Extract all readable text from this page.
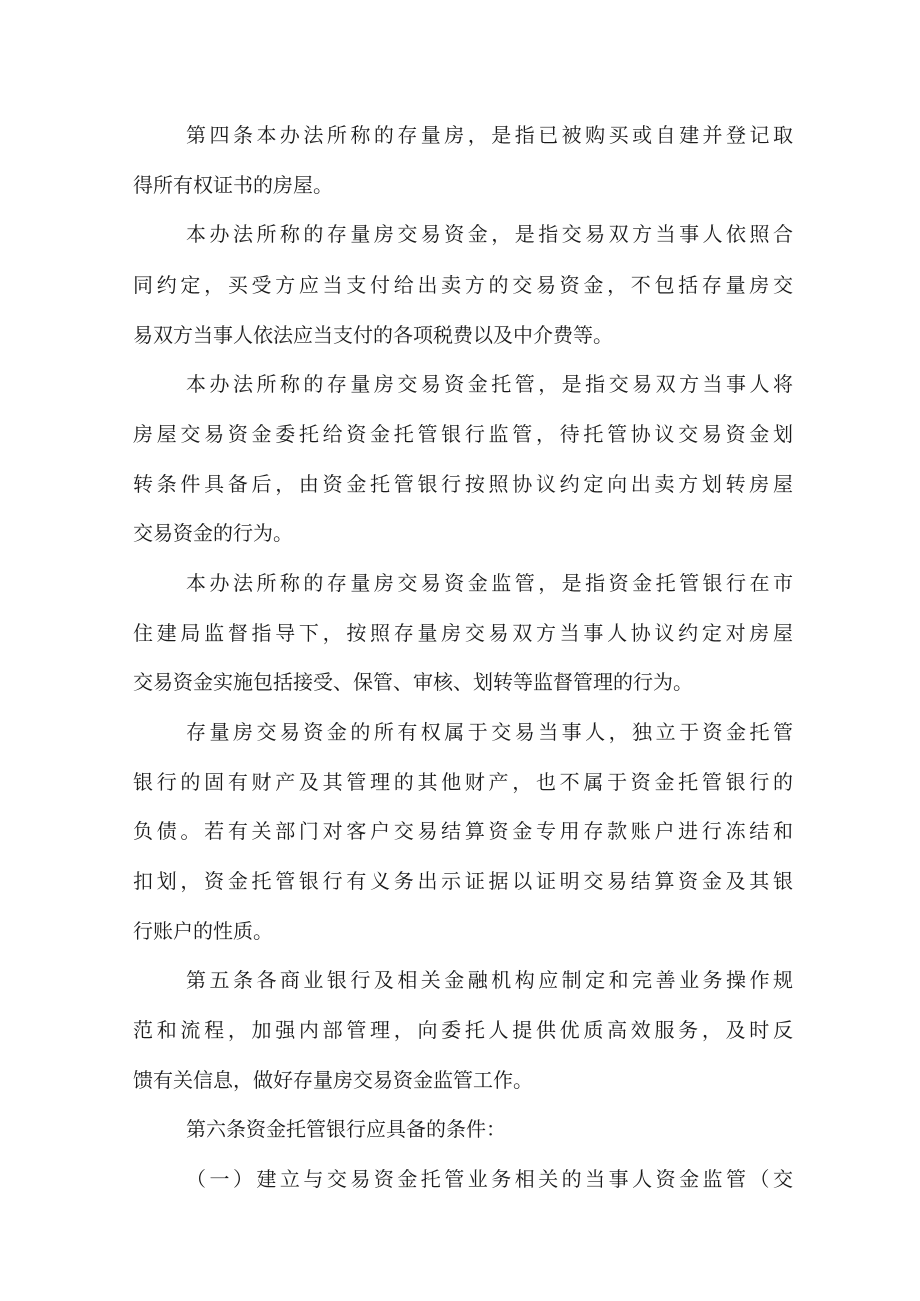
第四条本办法所称的存量房，是指已被购买或自建并登记取
得所有权证书的房屋。
本办法所称的存量房交易资金，是指交易双方当事人依照合
同约定，买受方应当支付给出卖方的交易资金，不包括存量房交
易双方当事人依法应当支付的各项税费以及中介费等。
本办法所称的存量房交易资金托管，是指交易双方当事人将
房屋交易资金委托给资金托管银行监管，待托管协议交易资金划
转条件具备后，由资金托管银行按照协议约定向出卖方划转房屋
交易资金的行为。
本办法所称的存量房交易资金监管，是指资金托管银行在市
住建局监督指导下，按照存量房交易双方当事人协议约定对房屋
交易资金实施包括接受、保管、审核、划转等监督管理的行为。
存量房交易资金的所有权属于交易当事人，独立于资金托管
银行的固有财产及其管理的其他财产，也不属于资金托管银行的
负债。若有关部门对客户交易结算资金专用存款账户进行冻结和
扣划，资金托管银行有义务出示证据以证明交易结算资金及其银
行账户的性质。
第五条各商业银行及相关金融机构应制定和完善业务操作规
范和流程，加强内部管理，向委托人提供优质高效服务，及时反
馈有关信息，做好存量房交易资金监管工作。
第六条资金托管银行应具备的条件：
（一）建立与交易资金托管业务相关的当事人资金监管（交
